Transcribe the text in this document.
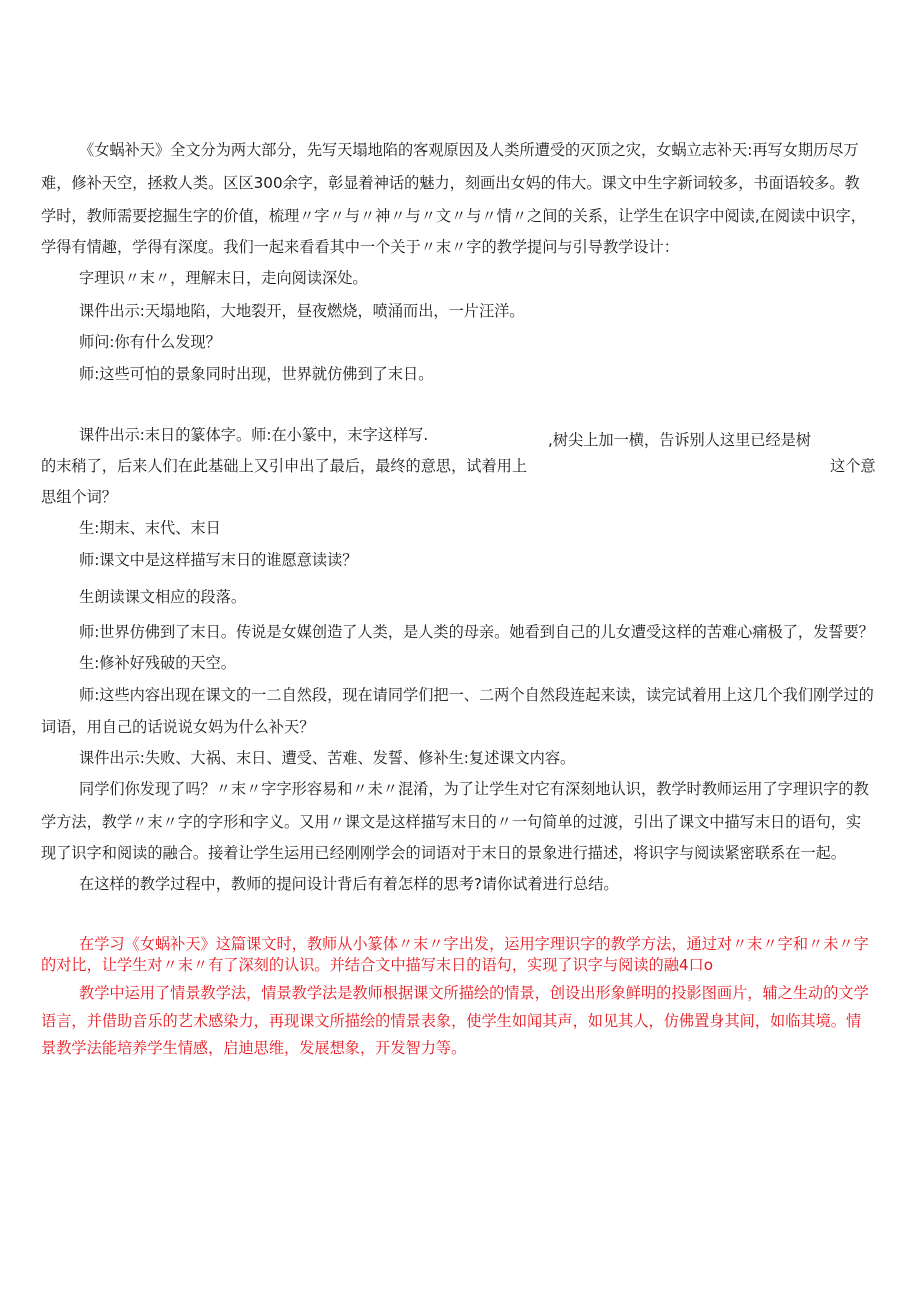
《女蜗补天》全文分为两大部分，先写天塌地陷的客观原因及人类所遭受的灭顶之灾，女蜗立志补天:再写女期历尽万
难，修补天空，拯救人类。区区300余字，彰显着神话的魅力，刻画出女妈的伟大。课文中生字新词较多，书面语较多。教
学时，教师需要挖掘生字的价值，梳理〃字〃与〃神〃与〃文〃与〃情〃之间的关系，让学生在识字中阅读,在阅读中识字，
学得有情趣，学得有深度。我们一起来看看其中一个关于〃末〃字的教学提问与引导教学设计：
字理识〃末〃，理解末日，走向阅读深处。
课件出示:天塌地陷，大地裂开，昼夜燃烧，喷涌而出，一片汪洋。
师问:你有什么发现？
师:这些可怕的景象同时出现，世界就仿佛到了末日。
课件出示:末日的篆体字。师:在小篆中，末字这样写.	,树尖上加一横，告诉别人这里已经是树
的末稍了，后来人们在此基础上又引申出了最后，最终的意思，试着用上	这个意
思组个词？
生:期末、末代、末日
师:课文中是这样描写末日的谁愿意读读？
生朗读课文相应的段落。
师:世界仿佛到了末日。传说是女媒创造了人类，是人类的母亲。她看到自己的儿女遭受这样的苦难心痛极了，发誓要？
生:修补好残破的天空。
师:这些内容出现在课文的一二自然段，现在请同学们把一、二两个自然段连起来读，读完试着用上这几个我们刚学过的
词语，用自己的话说说女妈为什么补天？
课件出示:失败、大祸、末日、遭受、苦难、发誓、修补生:复述课文内容。
同学们你发现了吗？〃末〃字字形容易和〃未〃混淆，为了让学生对它有深刻地认识，教学时教师运用了字理识字的教
学方法，教学〃末〃字的字形和字义。又用〃课文是这样描写末日的〃一句简单的过渡，引出了课文中描写末日的语句，实
现了识字和阅读的融合。接着让学生运用已经刚刚学会的词语对于末日的景象进行描述，将识字与阅读紧密联系在一起。
在这样的教学过程中，教师的提问设计背后有着怎样的思考?请你试着进行总结。
在学习《女蜗补天》这篇课文时，教师从小篆体〃末〃字出发，运用字理识字的教学方法，通过对〃末〃字和〃未〃字
的对比，让学生对〃末〃有了深刻的认识。并结合文中描写末日的语句，实现了识字与阅读的融4口o
教学中运用了情景教学法，情景教学法是教师根据课文所描绘的情景，创设出形象鲜明的投影图画片，辅之生动的文学
语言，并借助音乐的艺术感染力，再现课文所描绘的情景表象，使学生如闻其声，如见其人，仿佛置身其间，如临其境。情
景教学法能培养学生情感，启迪思维，发展想象，开发智力等。
